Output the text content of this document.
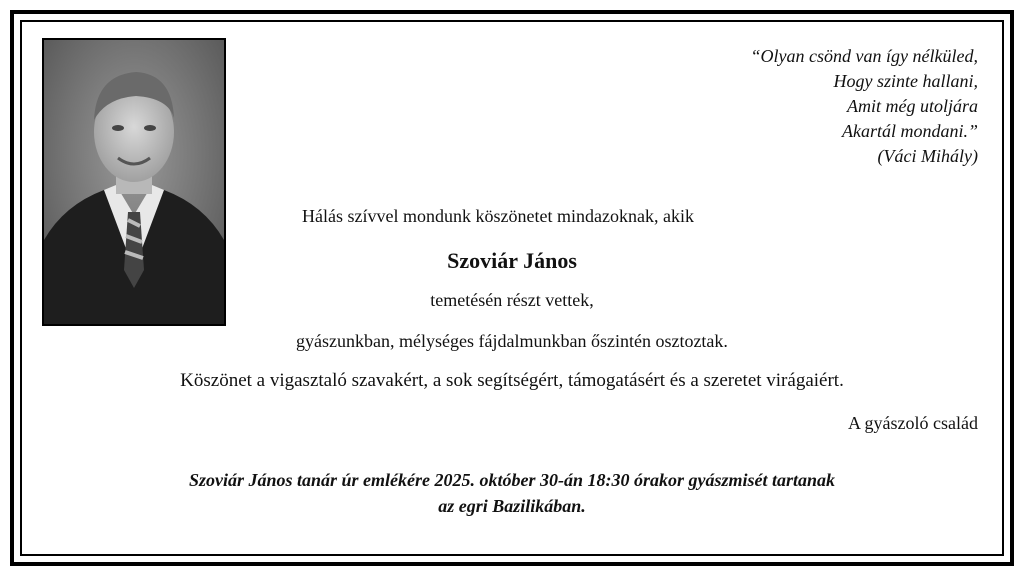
“Olyan csönd van így nélküled,
Hogy szinte hallani,
Amit még utoljára
Akartál mondani.”
(Váci Mihály)
Hálás szívvel mondunk köszönetet mindazoknak, akik
Szoviár János
temetésén részt vettek,
gyászunkban, mélységes fájdalmunkban őszintén osztoztak.
Köszönet a vigasztaló szavakért, a sok segítségért, támogatásért és a szeretet virágaiért.
A gyászoló család
Szoviár János tanár úr emlékére 2025. október 30-án 18:30 órakor gyászmisét tartanak
az egri Bazilikában.
